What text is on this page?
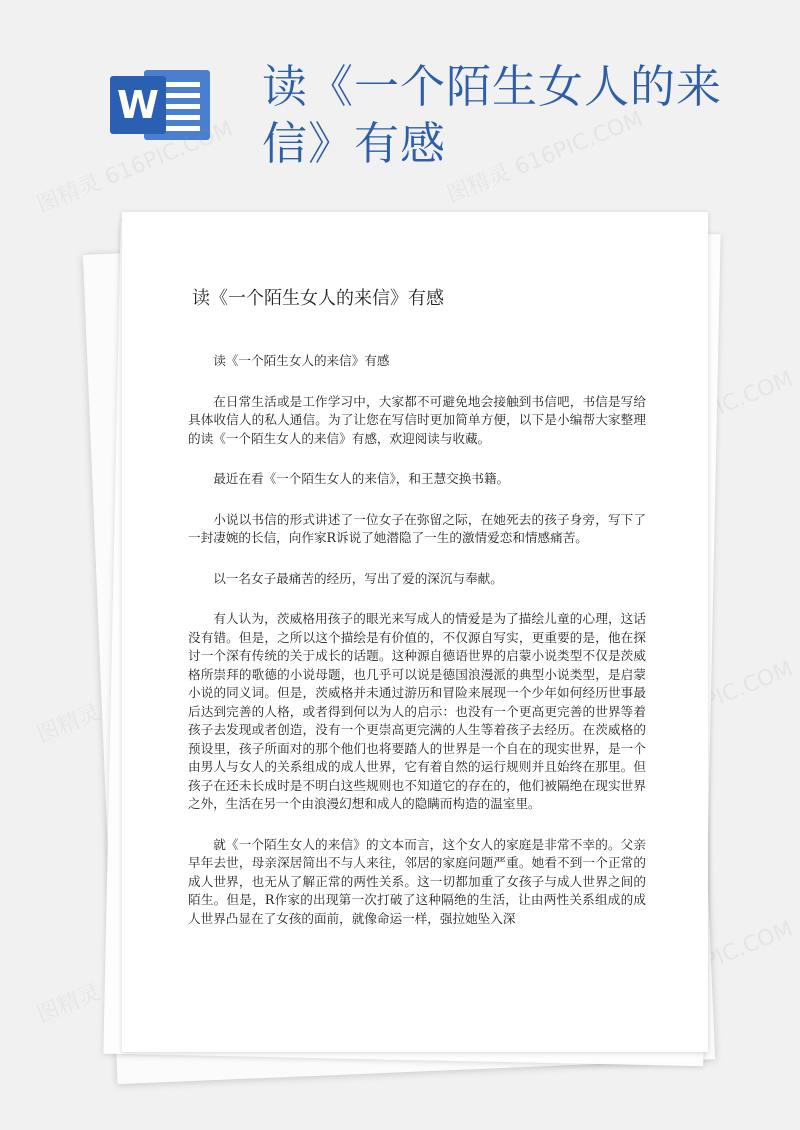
W 读《一个陌生女人的来信》有感
图精灵 616PIC.COM	图精灵 616PIC.COM
616PIC.COM
图精灵	616PIC.COM
图精灵
616PIC.COM
读《一个陌生女人的来信》有感

读《一个陌生女人的来信》有感

在日常生活或是工作学习中，大家都不可避免地会接触到书信吧，书信是写给具体收信人的私人通信。为了让您在写信时更加简单方便，以下是小编帮大家整理的读《一个陌生女人的来信》有感，欢迎阅读与收藏。

最近在看《一个陌生女人的来信》，和王慧交换书籍。

小说以书信的形式讲述了一位女子在弥留之际，在她死去的孩子身旁，写下了一封凄婉的长信，向作家R诉说了她潜隐了一生的激情爱恋和情感痛苦。

以一名女子最痛苦的经历，写出了爱的深沉与奉献。

有人认为，茨威格用孩子的眼光来写成人的情爱是为了描绘儿童的心理，这话没有错。但是，之所以这个描绘是有价值的，不仅源自写实，更重要的是，他在探讨一个深有传统的关于成长的话题。这种源自德语世界的启蒙小说类型不仅是茨威格所崇拜的歌德的小说母题，也几乎可以说是德国浪漫派的典型小说类型，是启蒙小说的同义词。但是，茨威格并未通过游历和冒险来展现一个少年如何经历世事最后达到完善的人格，或者得到何以为人的启示：也没有一个更高更完善的世界等着孩子去发现或者创造，没有一个更崇高更完满的人生等着孩子去经历。在茨威格的预设里，孩子所面对的那个他们也将要踏人的世界是一个自在的现实世界，是一个由男人与女人的关系组成的成人世界，它有着自然的运行规则并且始终在那里。但孩子在还未长成时是不明白这些规则也不知道它的存在的，他们被隔绝在现实世界之外，生活在另一个由浪漫幻想和成人的隐瞒而构造的温室里。

就《一个陌生女人的来信》的文本而言，这个女人的家庭是非常不幸的。父亲早年去世，母亲深居简出不与人来往，邻居的家庭问题严重。她看不到一个正常的成人世界，也无从了解正常的两性关系。这一切都加重了女孩子与成人世界之间的陌生。但是，R作家的出现第一次打破了这种隔绝的生活，让由两性关系组成的成人世界凸显在了女孩的面前，就像命运一样，强拉她坠入深
